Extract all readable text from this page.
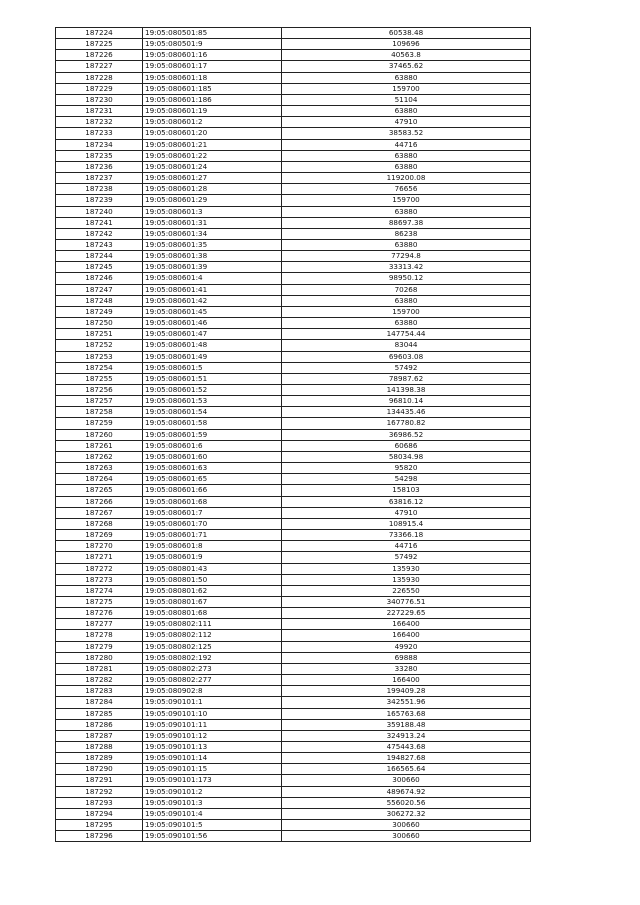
187224	19:05:080501:85	60538.48
187225	19:05:080501:9	109696
187226	19:05:080601:16	40563.8
187227	19:05:080601:17	37465.62
187228	19:05:080601:18	63880
187229	19:05:080601:185	159700
187230	19:05:080601:186	51104
187231	19:05:080601:19	63880
187232	19:05:080601:2	47910
187233	19:05:080601:20	38583.52
187234	19:05:080601:21	44716
187235	19:05:080601:22	63880
187236	19:05:080601:24	63880
187237	19:05:080601:27	119200.08
187238	19:05:080601:28	76656
187239	19:05:080601:29	159700
187240	19:05:080601:3	63880
187241	19:05:080601:31	88697.38
187242	19:05:080601:34	86238
187243	19:05:080601:35	63880
187244	19:05:080601:38	77294.8
187245	19:05:080601:39	33313.42
187246	19:05:080601:4	98950.12
187247	19:05:080601:41	70268
187248	19:05:080601:42	63880
187249	19:05:080601:45	159700
187250	19:05:080601:46	63880
187251	19:05:080601:47	147754.44
187252	19:05:080601:48	83044
187253	19:05:080601:49	69603.08
187254	19:05:080601:5	57492
187255	19:05:080601:51	78987.62
187256	19:05:080601:52	141398.38
187257	19:05:080601:53	96810.14
187258	19:05:080601:54	134435.46
187259	19:05:080601:58	167780.82
187260	19:05:080601:59	36986.52
187261	19:05:080601:6	60686
187262	19:05:080601:60	58034.98
187263	19:05:080601:63	95820
187264	19:05:080601:65	54298
187265	19:05:080601:66	158103
187266	19:05:080601:68	63816.12
187267	19:05:080601:7	47910
187268	19:05:080601:70	108915.4
187269	19:05:080601:71	73366.18
187270	19:05:080601:8	44716
187271	19:05:080601:9	57492
187272	19:05:080801:43	135930
187273	19:05:080801:50	135930
187274	19:05:080801:62	226550
187275	19:05:080801:67	340776.51
187276	19:05:080801:68	227229.65
187277	19:05:080802:111	166400
187278	19:05:080802:112	166400
187279	19:05:080802:125	49920
187280	19:05:080802:192	69888
187281	19:05:080802:273	33280
187282	19:05:080802:277	166400
187283	19:05:080902:8	199409.28
187284	19:05:090101:1	342551.96
187285	19:05:090101:10	165763.68
187286	19:05:090101:11	359188.48
187287	19:05:090101:12	324913.24
187288	19:05:090101:13	475443.68
187289	19:05:090101:14	194827.68
187290	19:05:090101:15	166565.64
187291	19:05:090101:173	300660
187292	19:05:090101:2	489674.92
187293	19:05:090101:3	556020.56
187294	19:05:090101:4	306272.32
187295	19:05:090101:5	300660
187296	19:05:090101:56	300660
